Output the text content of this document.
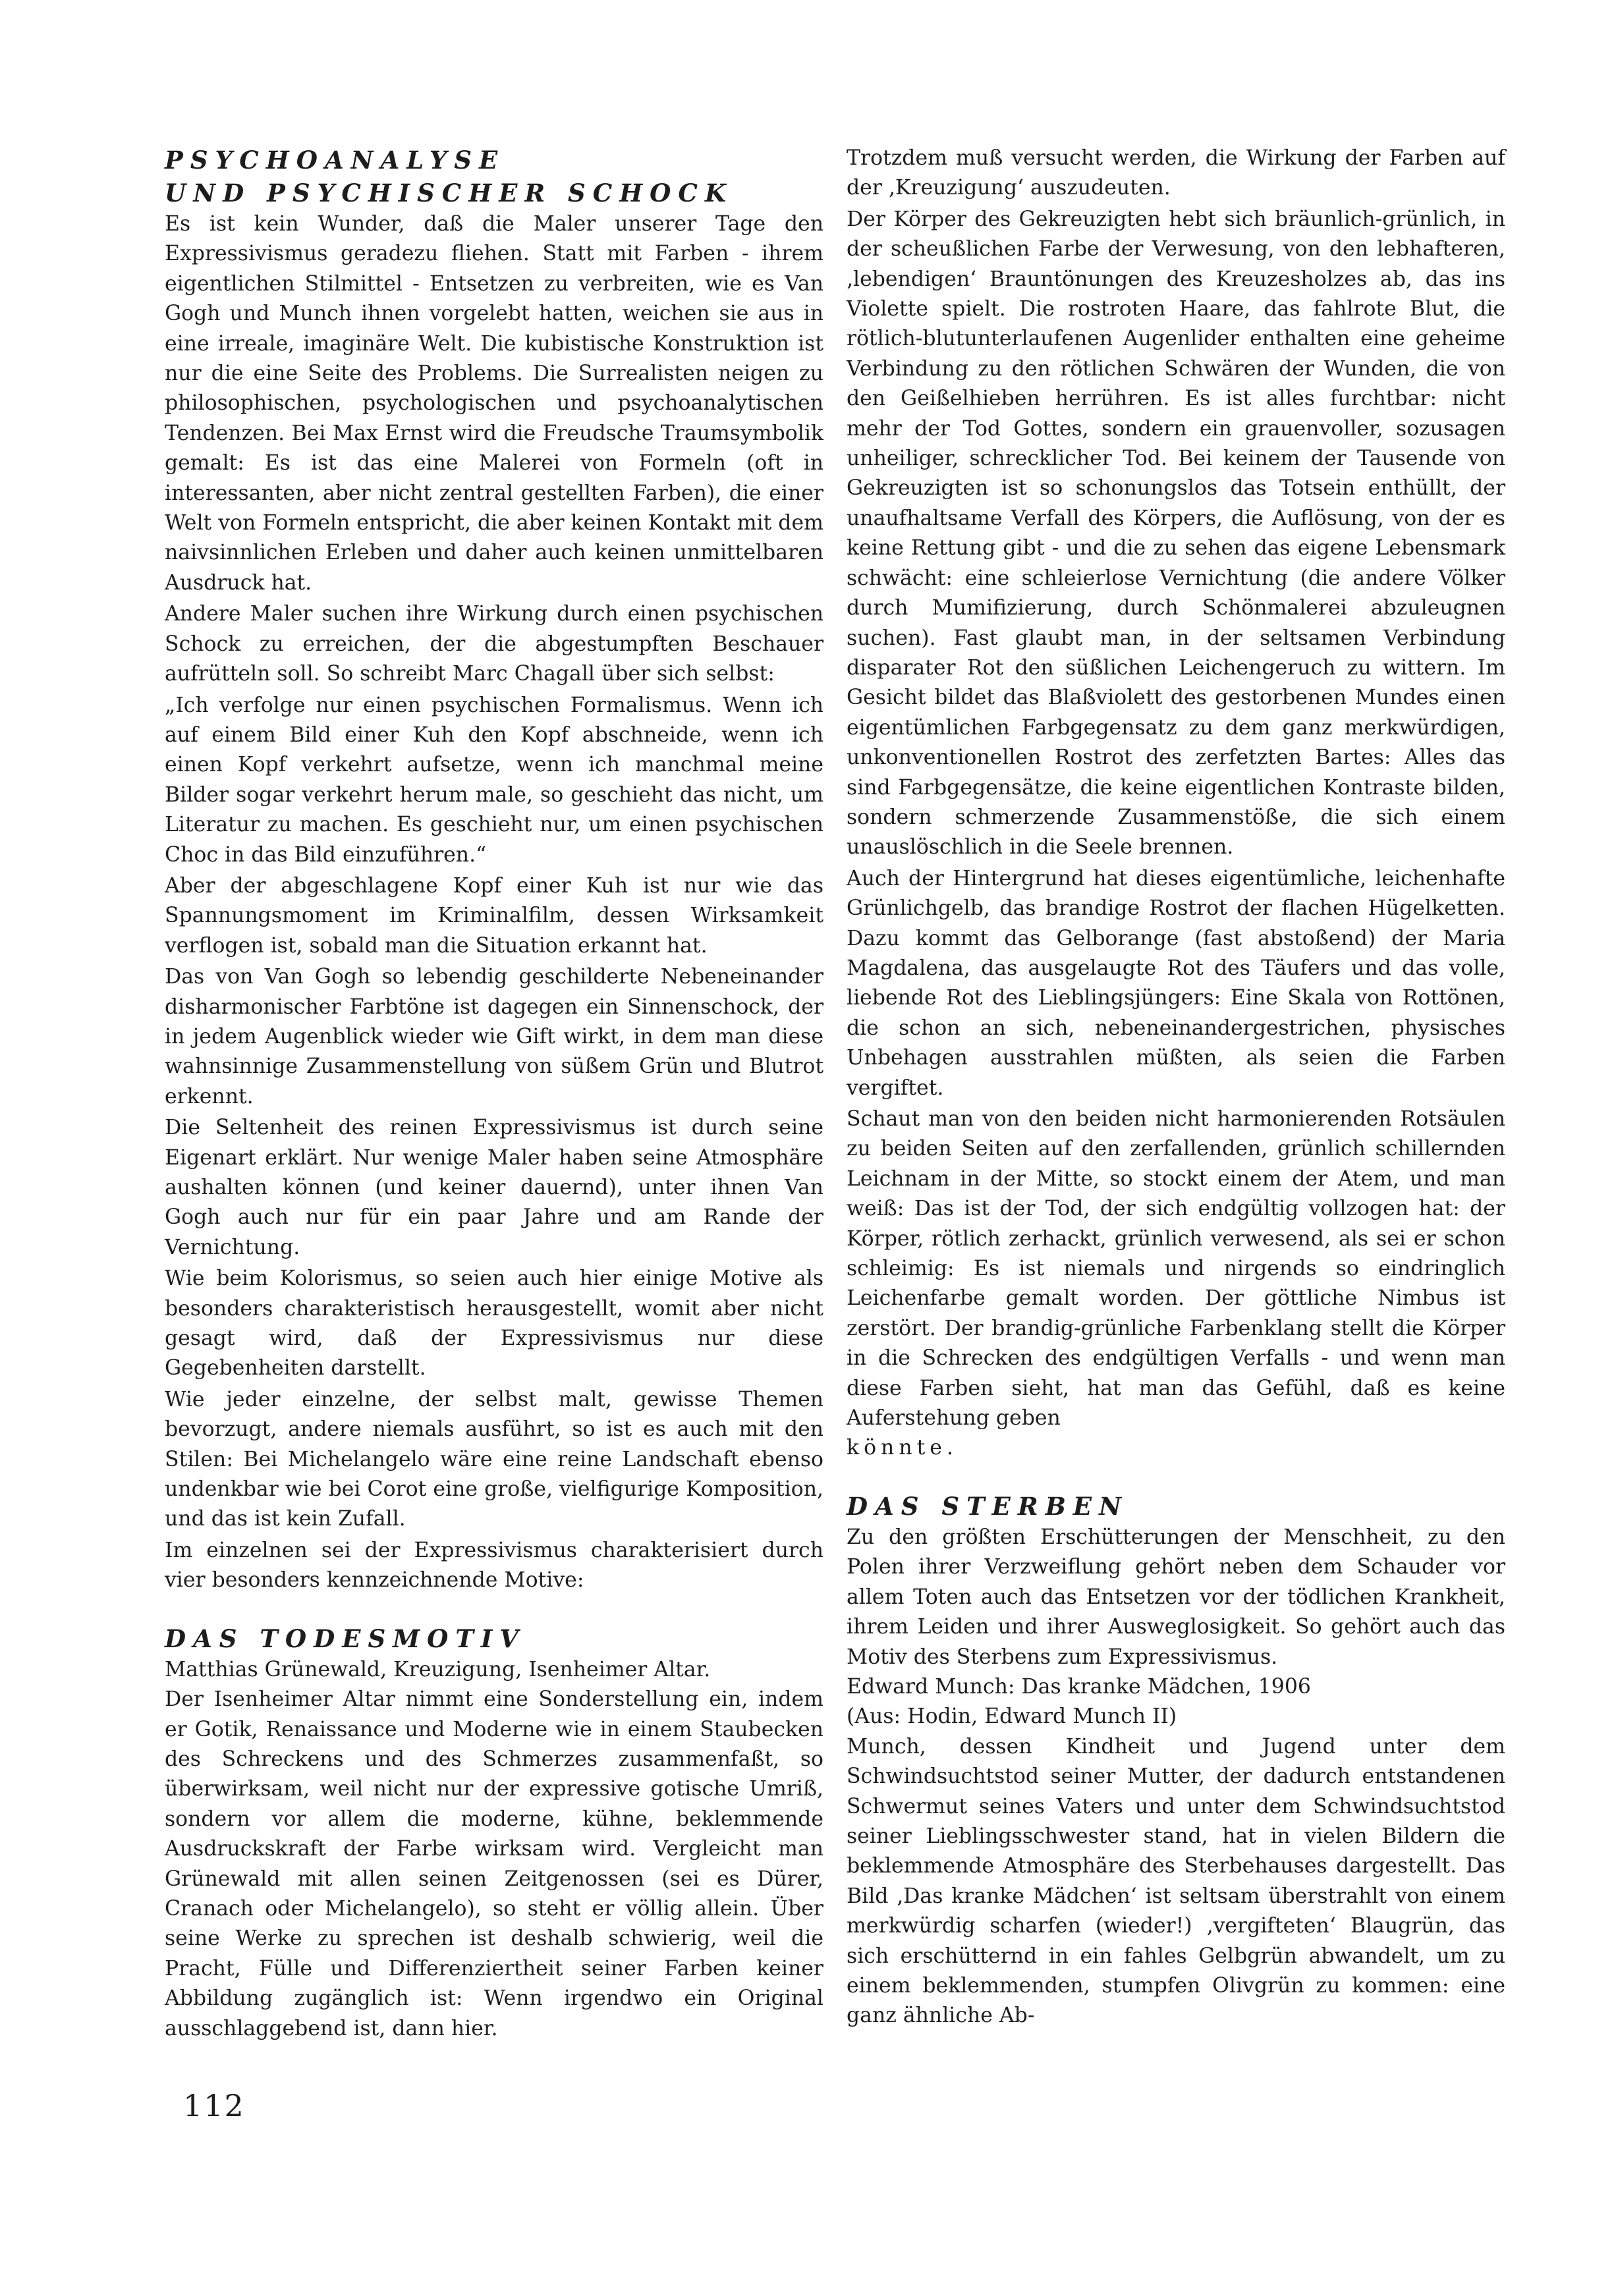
PSYCHOANALYSE
UND PSYCHISCHER SCHOCK

Es ist kein Wunder, daß die Maler unserer Tage den Expressivismus geradezu fliehen. Statt mit Farben - ihrem eigentlichen Stilmittel - Entsetzen zu verbreiten, wie es Van Gogh und Munch ihnen vorgelebt hatten, weichen sie aus in eine irreale, imaginäre Welt. Die kubistische Konstruktion ist nur die eine Seite des Problems. Die Surrealisten neigen zu philosophischen, psychologischen und psychoanalytischen Tendenzen. Bei Max Ernst wird die Freudsche Traumsymbolik gemalt: Es ist das eine Malerei von Formeln (oft in interessanten, aber nicht zentral gestellten Farben), die einer Welt von Formeln entspricht, die aber keinen Kontakt mit dem naivsinnlichen Erleben und daher auch keinen unmittelbaren Ausdruck hat.

Andere Maler suchen ihre Wirkung durch einen psychischen Schock zu erreichen, der die abgestumpften Beschauer aufrütteln soll. So schreibt Marc Chagall über sich selbst:

„Ich verfolge nur einen psychischen Formalismus. Wenn ich auf einem Bild einer Kuh den Kopf abschneide, wenn ich einen Kopf verkehrt aufsetze, wenn ich manchmal meine Bilder sogar verkehrt herum male, so geschieht das nicht, um Literatur zu machen. Es geschieht nur, um einen psychischen Choc in das Bild einzuführen.“

Aber der abgeschlagene Kopf einer Kuh ist nur wie das Spannungsmoment im Kriminalfilm, dessen Wirksamkeit verflogen ist, sobald man die Situation erkannt hat.

Das von Van Gogh so lebendig geschilderte Nebeneinander disharmonischer Farbtöne ist dagegen ein Sinnenschock, der in jedem Augenblick wieder wie Gift wirkt, in dem man diese wahnsinnige Zusammenstellung von süßem Grün und Blutrot erkennt.

Die Seltenheit des reinen Expressivismus ist durch seine Eigenart erklärt. Nur wenige Maler haben seine Atmosphäre aushalten können (und keiner dauernd), unter ihnen Van Gogh auch nur für ein paar Jahre und am Rande der Vernichtung.

Wie beim Kolorismus, so seien auch hier einige Motive als besonders charakteristisch herausgestellt, womit aber nicht gesagt wird, daß der Expressivismus nur diese Gegebenheiten darstellt.

Wie jeder einzelne, der selbst malt, gewisse Themen bevorzugt, andere niemals ausführt, so ist es auch mit den Stilen: Bei Michelangelo wäre eine reine Landschaft ebenso undenkbar wie bei Corot eine große, vielfigurige Komposition, und das ist kein Zufall.

Im einzelnen sei der Expressivismus charakterisiert durch vier besonders kennzeichnende Motive:

DAS TODESMOTIV

Matthias Grünewald, Kreuzigung, Isenheimer Altar.

Der Isenheimer Altar nimmt eine Sonderstellung ein, indem er Gotik, Renaissance und Moderne wie in einem Staubecken des Schreckens und des Schmerzes zusammenfaßt, so überwirksam, weil nicht nur der expressive gotische Umriß, sondern vor allem die moderne, kühne, beklemmende Ausdruckskraft der Farbe wirksam wird. Vergleicht man Grünewald mit allen seinen Zeitgenossen (sei es Dürer, Cranach oder Michelangelo), so steht er völlig allein. Über seine Werke zu sprechen ist deshalb schwierig, weil die Pracht, Fülle und Differenziertheit seiner Farben keiner Abbildung zugänglich ist: Wenn irgendwo ein Original ausschlaggebend ist, dann hier.

Trotzdem muß versucht werden, die Wirkung der Farben auf der ‚Kreuzigung‘ auszudeuten.

Der Körper des Gekreuzigten hebt sich bräunlich-grünlich, in der scheußlichen Farbe der Verwesung, von den lebhafteren, ‚lebendigen‘ Brauntönungen des Kreuzesholzes ab, das ins Violette spielt. Die rostroten Haare, das fahlrote Blut, die rötlich-blutunterlaufenen Augenlider enthalten eine geheime Verbindung zu den rötlichen Schwären der Wunden, die von den Geißelhieben herrühren. Es ist alles furchtbar: nicht mehr der Tod Gottes, sondern ein grauenvoller, sozusagen unheiliger, schrecklicher Tod. Bei keinem der Tausende von Gekreuzigten ist so schonungslos das Totsein enthüllt, der unaufhaltsame Verfall des Körpers, die Auflösung, von der es keine Rettung gibt - und die zu sehen das eigene Lebensmark schwächt: eine schleierlose Vernichtung (die andere Völker durch Mumifizierung, durch Schönmalerei abzuleugnen suchen). Fast glaubt man, in der seltsamen Verbindung disparater Rot den süßlichen Leichengeruch zu wittern. Im Gesicht bildet das Blaßviolett des gestorbenen Mundes einen eigentümlichen Farbgegensatz zu dem ganz merkwürdigen, unkonventionellen Rostrot des zerfetzten Bartes: Alles das sind Farbgegensätze, die keine eigentlichen Kontraste bilden, sondern schmerzende Zusammenstöße, die sich einem unauslöschlich in die Seele brennen.

Auch der Hintergrund hat dieses eigentümliche, leichenhafte Grünlichgelb, das brandige Rostrot der flachen Hügelketten. Dazu kommt das Gelborange (fast abstoßend) der Maria Magdalena, das ausgelaugte Rot des Täufers und das volle, liebende Rot des Lieblingsjüngers: Eine Skala von Rottönen, die schon an sich, nebeneinandergestrichen, physisches Unbehagen ausstrahlen müßten, als seien die Farben vergiftet.

Schaut man von den beiden nicht harmonierenden Rotsäulen zu beiden Seiten auf den zerfallenden, grünlich schillernden Leichnam in der Mitte, so stockt einem der Atem, und man weiß: Das ist der Tod, der sich endgültig vollzogen hat: der Körper, rötlich zerhackt, grünlich verwesend, als sei er schon schleimig: Es ist niemals und nirgends so eindringlich Leichenfarbe gemalt worden. Der göttliche Nimbus ist zerstört. Der brandig-grünliche Farbenklang stellt die Körper in die Schrecken des endgültigen Verfalls - und wenn man diese Farben sieht, hat man das Gefühl, daß es keine Auferstehung geben

könnte.

DAS STERBEN

Zu den größten Erschütterungen der Menschheit, zu den Polen ihrer Verzweiflung gehört neben dem Schauder vor allem Toten auch das Entsetzen vor der tödlichen Krankheit, ihrem Leiden und ihrer Ausweglosigkeit. So gehört auch das Motiv des Sterbens zum Expressivismus.

Edward Munch: Das kranke Mädchen, 1906

(Aus: Hodin, Edward Munch II)

Munch, dessen Kindheit und Jugend unter dem Schwindsuchtstod seiner Mutter, der dadurch entstandenen Schwermut seines Vaters und unter dem Schwindsuchtstod seiner Lieblingsschwester stand, hat in vielen Bildern die beklemmende Atmosphäre des Sterbehauses dargestellt. Das Bild ‚Das kranke Mädchen‘ ist seltsam überstrahlt von einem merkwürdig scharfen (wieder!) ‚vergifteten‘ Blaugrün, das sich erschütternd in ein fahles Gelbgrün abwandelt, um zu einem beklemmenden, stumpfen Olivgrün zu kommen: eine ganz ähnliche Ab-

112
